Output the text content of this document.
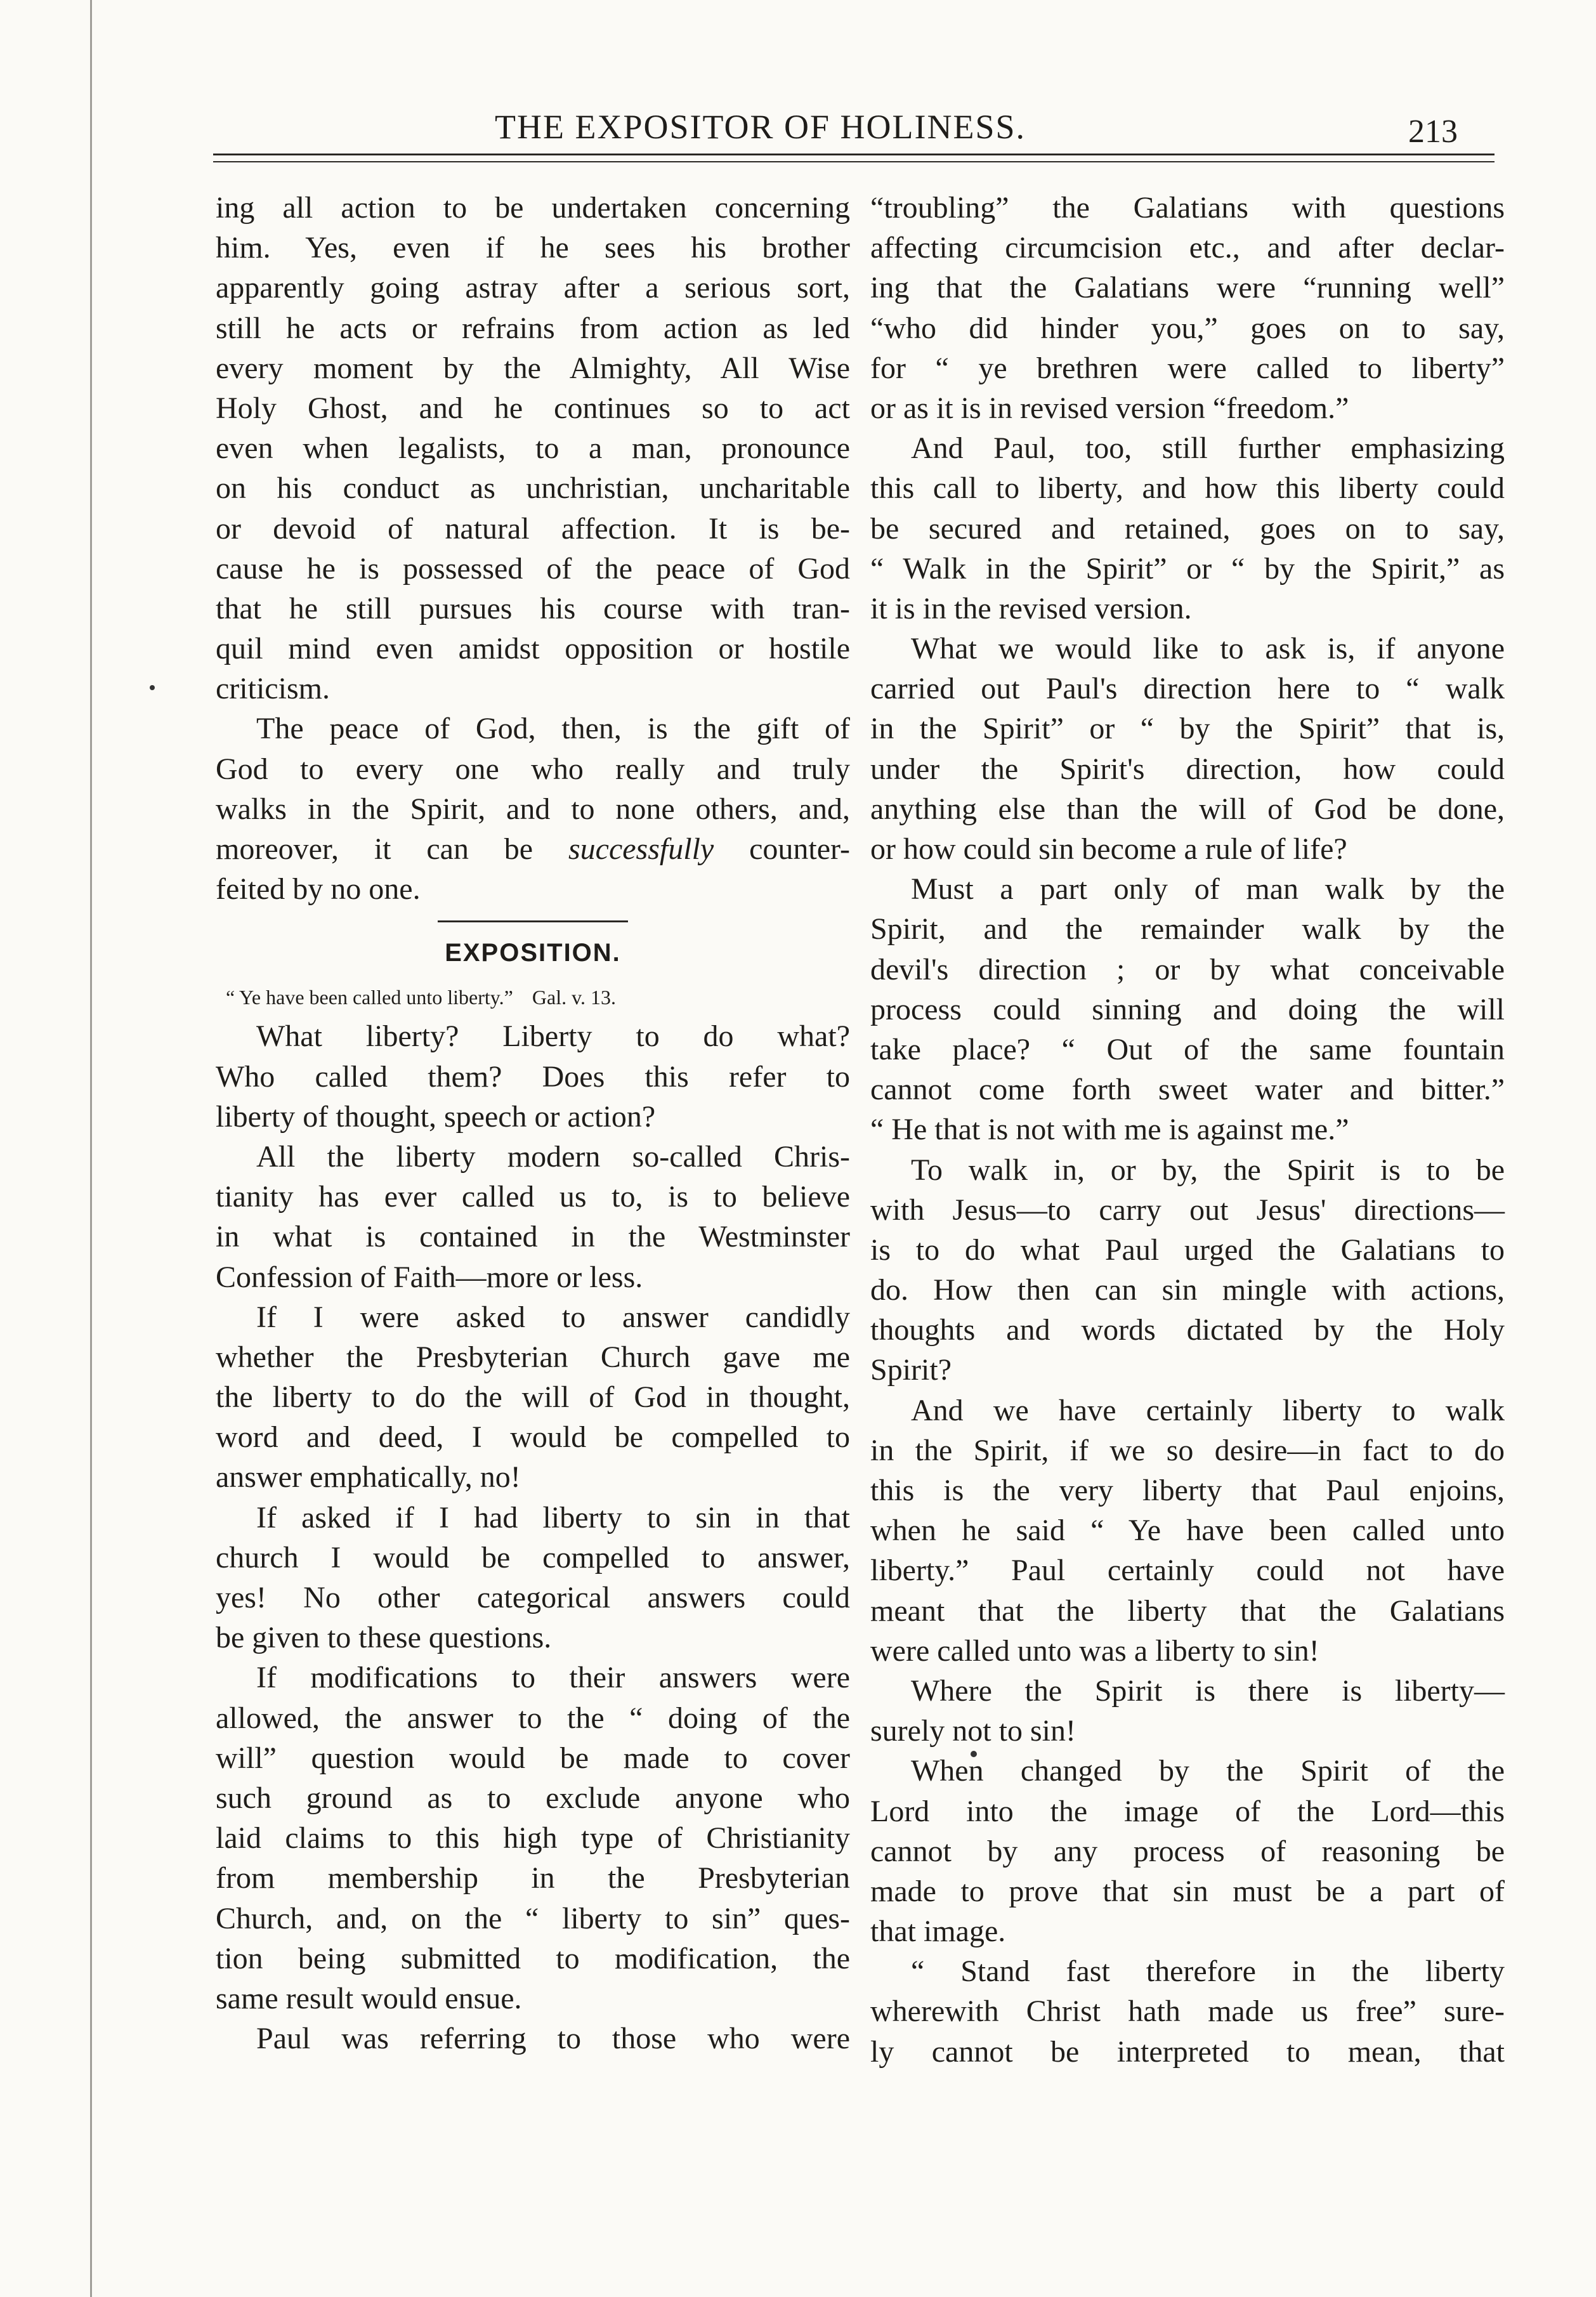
THE EXPOSITOR OF HOLINESS.	213
ing all action to be undertaken concerning
him. Yes, even if he sees his brother
apparently going astray after a serious sort,
still he acts or refrains from action as led
every moment by the Almighty, All Wise
Holy Ghost, and he continues so to act
even when legalists, to a man, pronounce
on his conduct as unchristian, uncharitable
or devoid of natural affection. It is be-
cause he is possessed of the peace of God
that he still pursues his course with tran-
quil mind even amidst opposition or hostile
criticism.
The peace of God, then, is the gift of
God to every one who really and truly
walks in the Spirit, and to none others, and,
moreover, it can be successfully counter-
feited by no one.
EXPOSITION.
“ Ye have been called unto liberty.” Gal. v. 13.
What liberty? Liberty to do what?
Who called them? Does this refer to
liberty of thought, speech or action?
All the liberty modern so-called Chris-
tianity has ever called us to, is to believe
in what is contained in the Westminster
Confession of Faith—more or less.
If I were asked to answer candidly
whether the Presbyterian Church gave me
the liberty to do the will of God in thought,
word and deed, I would be compelled to
answer emphatically, no!
If asked if I had liberty to sin in that
church I would be compelled to answer,
yes! No other categorical answers could
be given to these questions.
If modifications to their answers were
allowed, the answer to the “ doing of the
will” question would be made to cover
such ground as to exclude anyone who
laid claims to this high type of Christianity
from membership in the Presbyterian
Church, and, on the “ liberty to sin” ques-
tion being submitted to modification, the
same result would ensue.
Paul was referring to those who were
“troubling” the Galatians with questions
affecting circumcision etc., and after declar-
ing that the Galatians were “running well”
“who did hinder you,” goes on to say,
for “ ye brethren were called to liberty”
or as it is in revised version “freedom.”
And Paul, too, still further emphasizing
this call to liberty, and how this liberty could
be secured and retained, goes on to say,
“ Walk in the Spirit” or “ by the Spirit,” as
it is in the revised version.
What we would like to ask is, if anyone
carried out Paul's direction here to “ walk
in the Spirit” or “ by the Spirit” that is,
under the Spirit's direction, how could
anything else than the will of God be done,
or how could sin become a rule of life?
Must a part only of man walk by the
Spirit, and the remainder walk by the
devil's direction ; or by what conceivable
process could sinning and doing the will
take place? “ Out of the same fountain
cannot come forth sweet water and bitter.”
“ He that is not with me is against me.”
To walk in, or by, the Spirit is to be
with Jesus—to carry out Jesus' directions—
is to do what Paul urged the Galatians to
do. How then can sin mingle with actions,
thoughts and words dictated by the Holy
Spirit?
And we have certainly liberty to walk
in the Spirit, if we so desire—in fact to do
this is the very liberty that Paul enjoins,
when he said “ Ye have been called unto
liberty.” Paul certainly could not have
meant that the liberty that the Galatians
were called unto was a liberty to sin!
Where the Spirit is there is liberty—
surely not to sin!
When changed by the Spirit of the
Lord into the image of the Lord—this
cannot by any process of reasoning be
made to prove that sin must be a part of
that image.
“ Stand fast therefore in the liberty
wherewith Christ hath made us free” sure-
ly cannot be interpreted to mean, that
